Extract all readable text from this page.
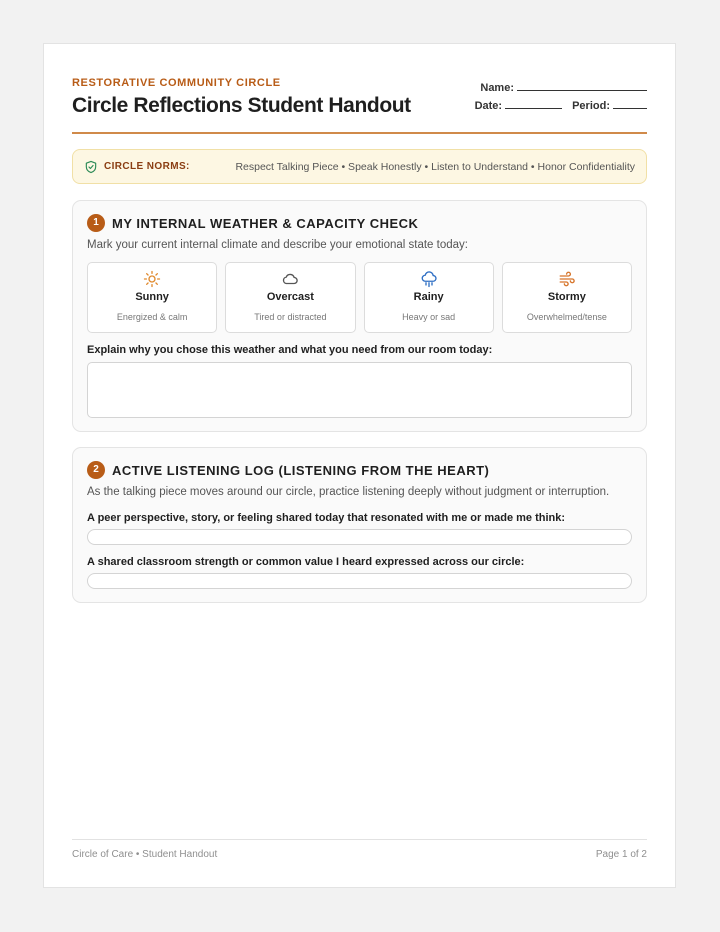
RESTORATIVE COMMUNITY CIRCLE
Circle Reflections Student Handout
Name:
Date:	Period:
CIRCLE NORMS:	Respect Talking Piece • Speak Honestly • Listen to Understand • Honor Confidentiality
1	MY INTERNAL WEATHER & CAPACITY CHECK
Mark your current internal climate and describe your emotional state today:
Sunny
Energized & calm
Overcast
Tired or distracted
Rainy
Heavy or sad
Stormy
Overwhelmed/tense
Explain why you chose this weather and what you need from our room today:
2	ACTIVE LISTENING LOG (LISTENING FROM THE HEART)
As the talking piece moves around our circle, practice listening deeply without judgment or interruption.
A peer perspective, story, or feeling shared today that resonated with me or made me think:
A shared classroom strength or common value I heard expressed across our circle:
Circle of Care • Student Handout	Page 1 of 2
